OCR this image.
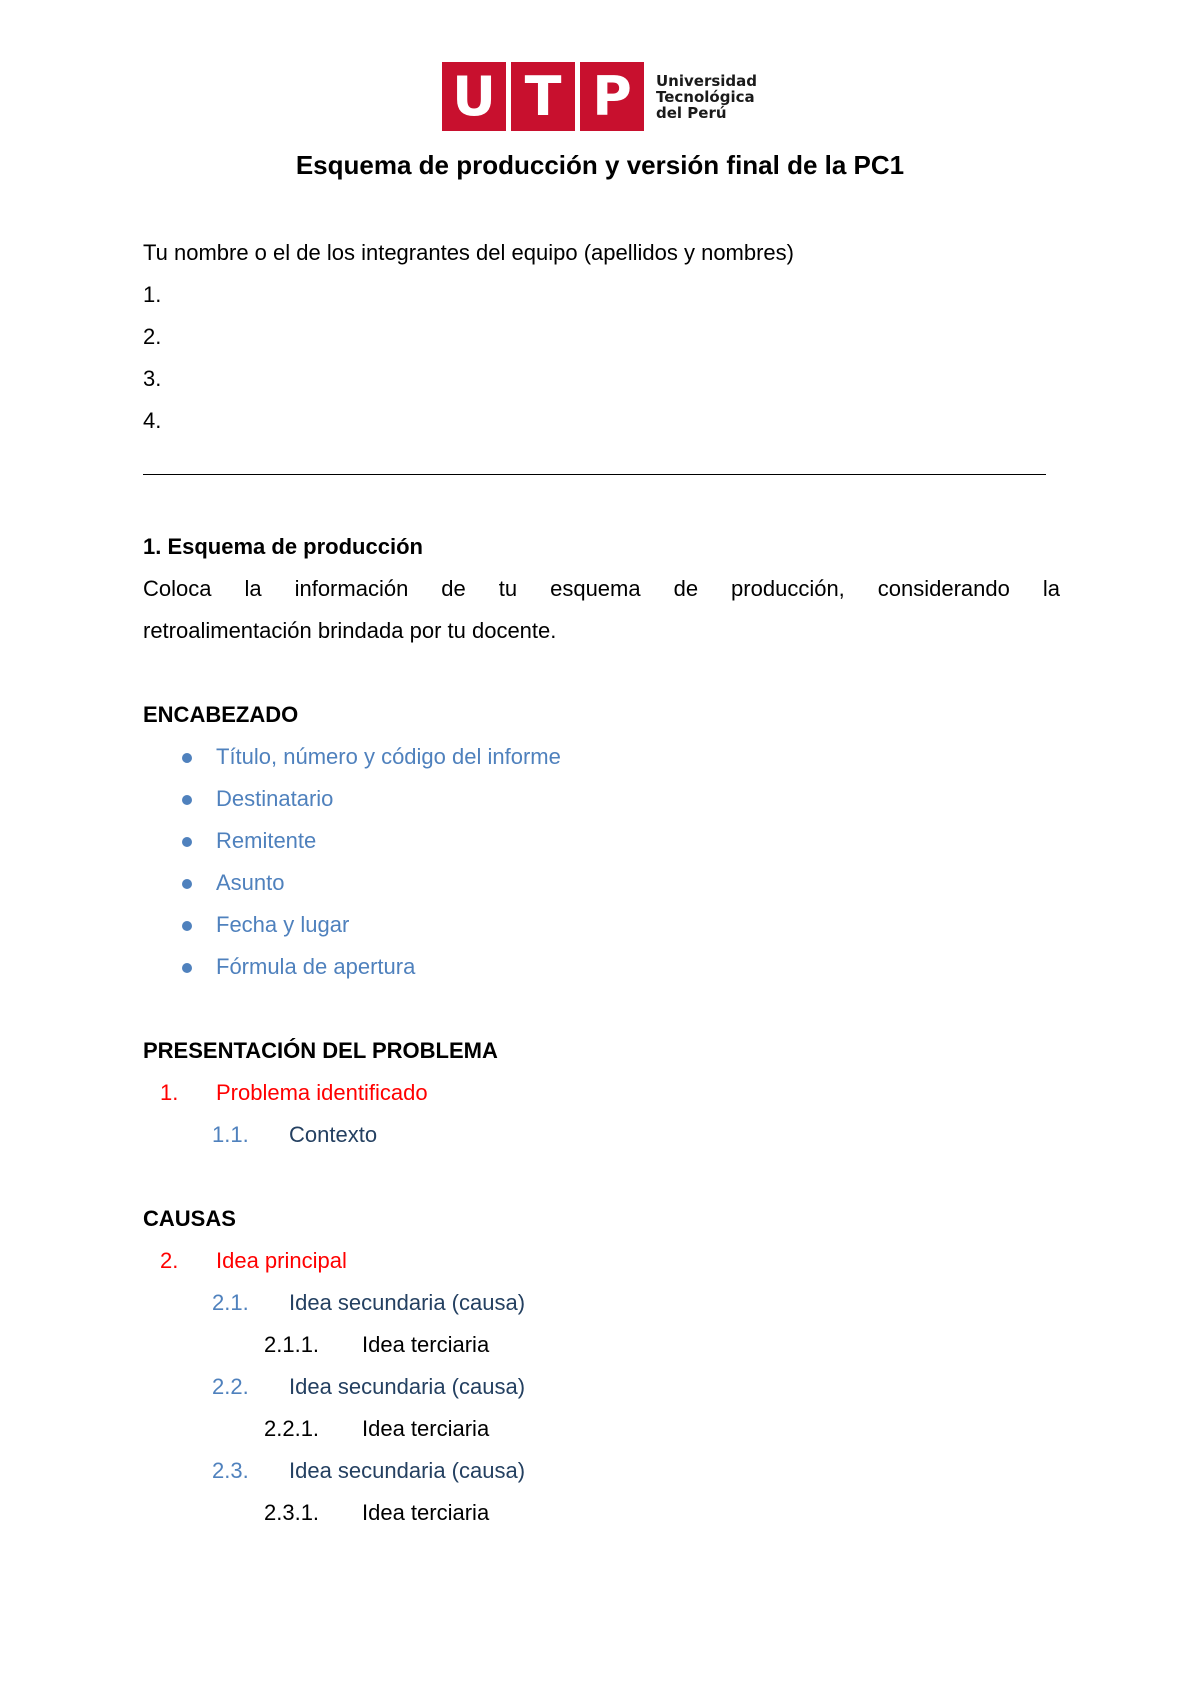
U T P	Universidad
Tecnológica
del Perú
Esquema de producción y versión final de la PC1
Tu nombre o el de los integrantes del equipo (apellidos y nombres)
1.
2.
3.
4.
1. Esquema de producción
Coloca la información de tu esquema de producción, considerando la
retroalimentación brindada por tu docente.
ENCABEZADO
Título, número y código del informe
Destinatario
Remitente
Asunto
Fecha y lugar
Fórmula de apertura
PRESENTACIÓN DEL PROBLEMA
1. Problema identificado
1.1. Contexto
CAUSAS
2. Idea principal
2.1. Idea secundaria (causa)
2.1.1. Idea terciaria
2.2. Idea secundaria (causa)
2.2.1. Idea terciaria
2.3. Idea secundaria (causa)
2.3.1. Idea terciaria
